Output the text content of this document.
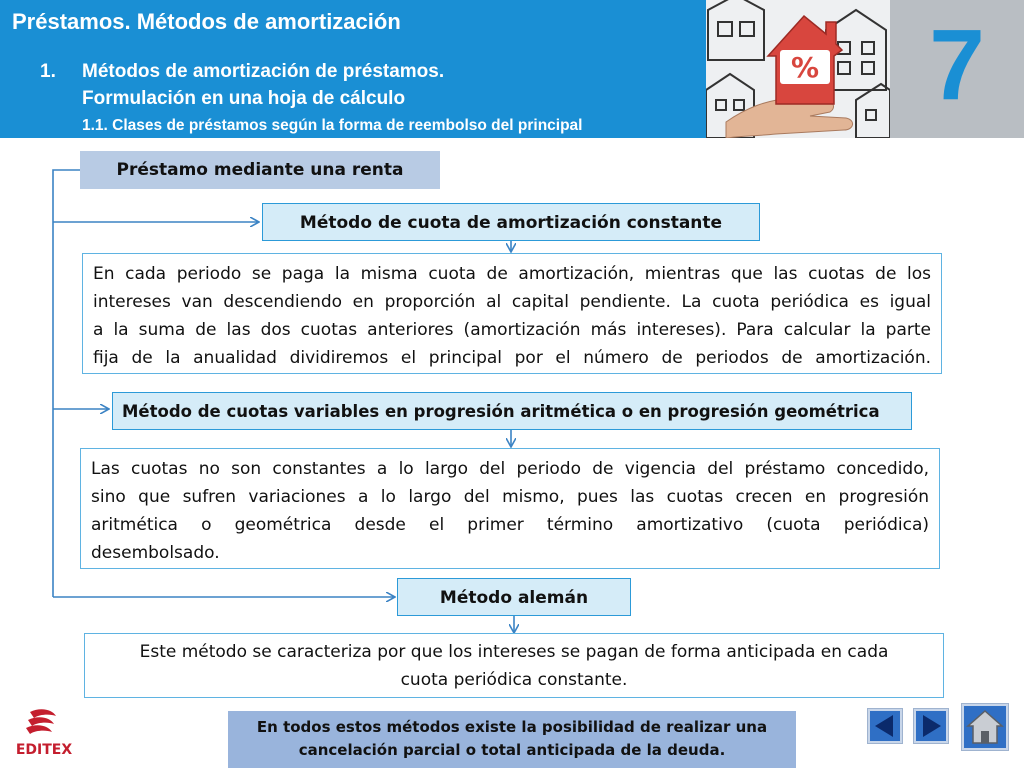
Préstamos. Métodos de amortización
1. Métodos de amortización de préstamos.
Formulación en una hoja de cálculo
1.1. Clases de préstamos según la forma de reembolso del principal
%	7
Préstamo mediante una renta
Método de cuota de amortización constante
En cada periodo se paga la misma cuota de amortización, mientras que las cuotas de los
intereses van descendiendo en proporción al capital pendiente. La cuota periódica es igual
a la suma de las dos cuotas anteriores (amortización más intereses). Para calcular la parte
fija de la anualidad dividiremos el principal por el número de periodos de amortización.
Método de cuotas variables en progresión aritmética o en progresión geométrica
Las cuotas no son constantes a lo largo del periodo de vigencia del préstamo concedido,
sino que sufren variaciones a lo largo del mismo, pues las cuotas crecen en progresión
aritmética o geométrica desde el primer término amortizativo (cuota periódica)
desembolsado.
Método alemán
Este método se caracteriza por que los intereses se pagan de forma anticipada en cada
cuota periódica constante.
EDITEX
En todos estos métodos existe la posibilidad de realizar una
cancelación parcial o total anticipada de la deuda.
